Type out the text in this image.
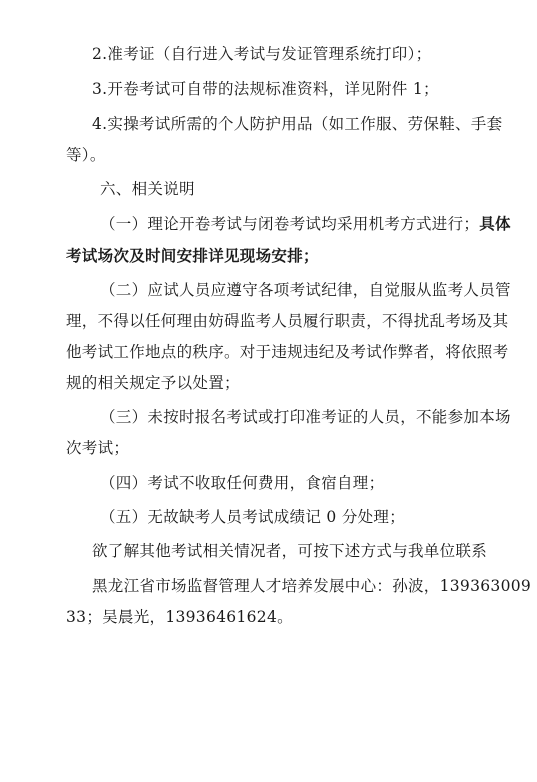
2.准考证（自行进入考试与发证管理系统打印）；
3.开卷考试可自带的法规标准资料，详见附件 1；
4.实操考试所需的个人防护用品（如工作服、劳保鞋、手套
等）。
六、相关说明
（一）理论开卷考试与闭卷考试均采用机考方式进行；具体
考试场次及时间安排详见现场安排；
（二）应试人员应遵守各项考试纪律，自觉服从监考人员管
理，不得以任何理由妨碍监考人员履行职责，不得扰乱考场及其
他考试工作地点的秩序。对于违规违纪及考试作弊者，将依照考
规的相关规定予以处置；
（三）未按时报名考试或打印准考证的人员，不能参加本场
次考试；
（四）考试不收取任何费用，食宿自理；
（五）无故缺考人员考试成绩记 0 分处理；
欲了解其他考试相关情况者，可按下述方式与我单位联系
黑龙江省市场监督管理人才培养发展中心：孙波，139363009
33；吴晨光，13936461624。
